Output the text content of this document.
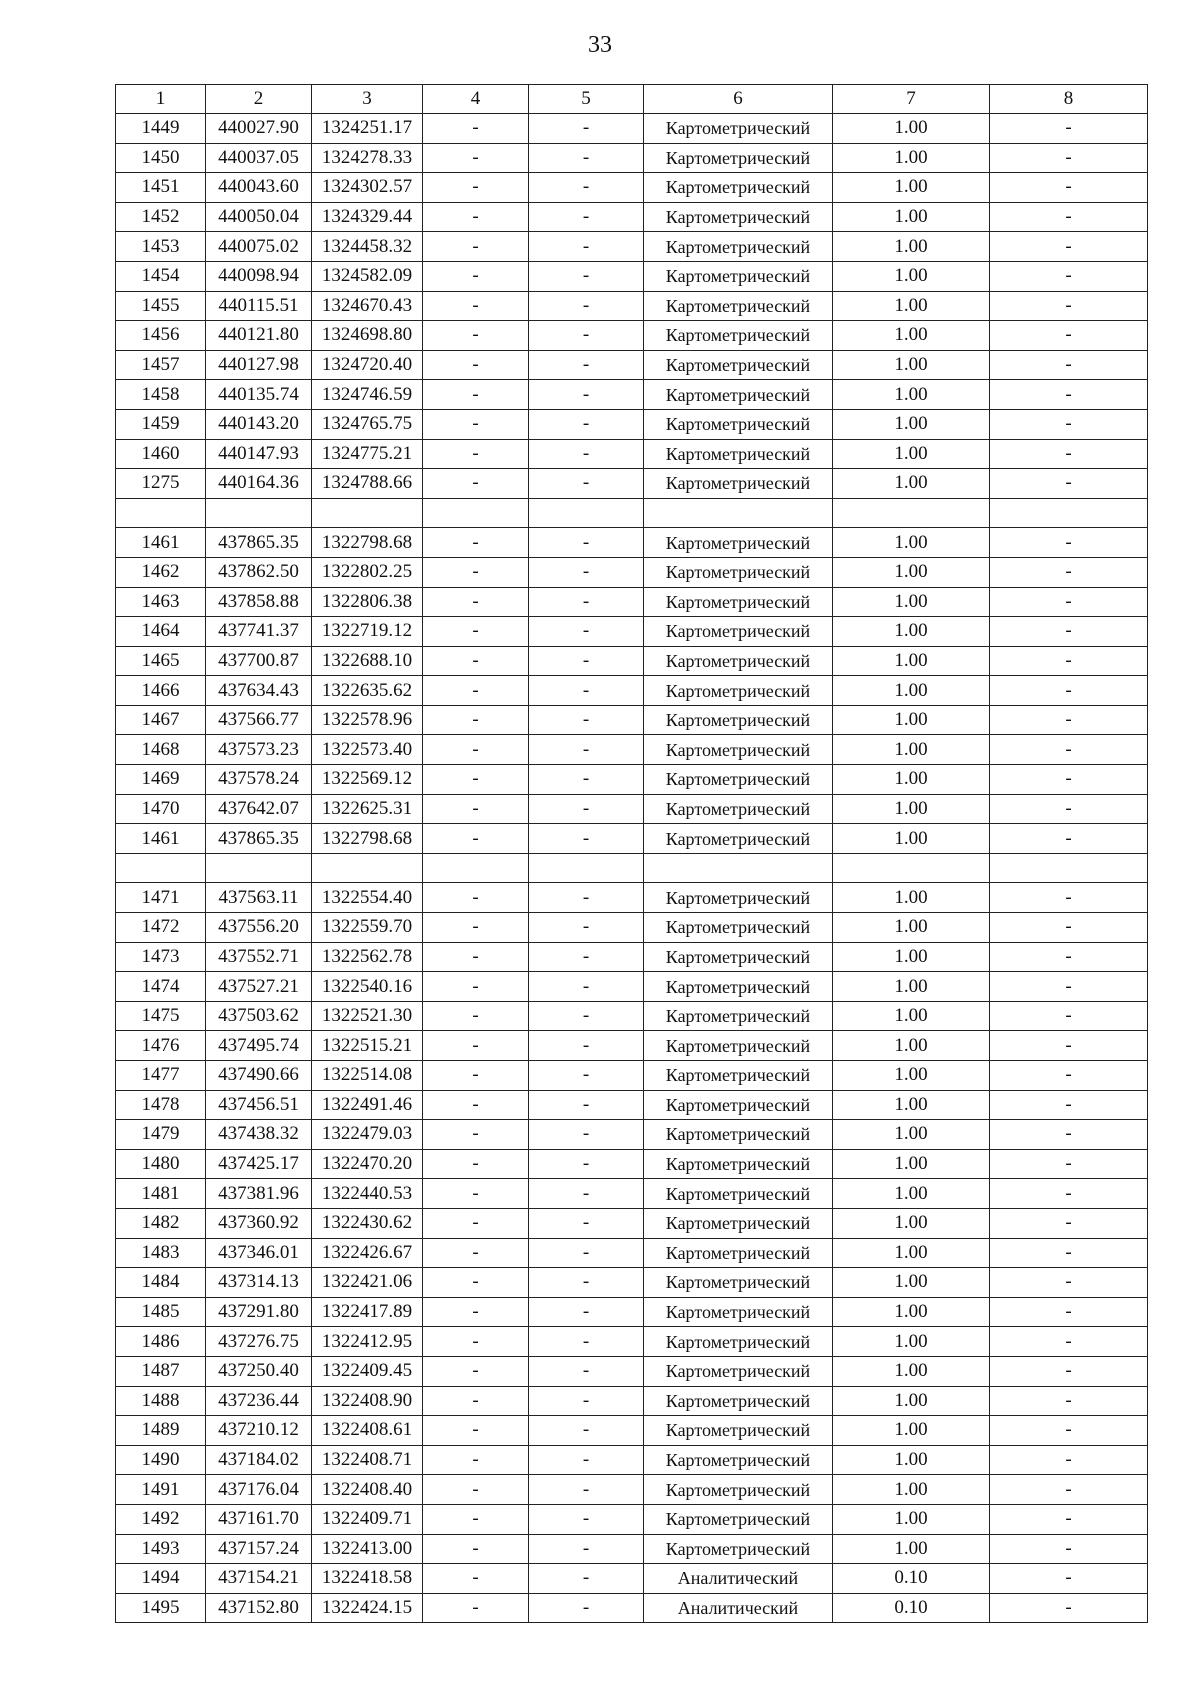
33
1	2	3	4	5	6	7	8
1449	440027.90	1324251.17	-	-	Картометрический	1.00	-
1450	440037.05	1324278.33	-	-	Картометрический	1.00	-
1451	440043.60	1324302.57	-	-	Картометрический	1.00	-
1452	440050.04	1324329.44	-	-	Картометрический	1.00	-
1453	440075.02	1324458.32	-	-	Картометрический	1.00	-
1454	440098.94	1324582.09	-	-	Картометрический	1.00	-
1455	440115.51	1324670.43	-	-	Картометрический	1.00	-
1456	440121.80	1324698.80	-	-	Картометрический	1.00	-
1457	440127.98	1324720.40	-	-	Картометрический	1.00	-
1458	440135.74	1324746.59	-	-	Картометрический	1.00	-
1459	440143.20	1324765.75	-	-	Картометрический	1.00	-
1460	440147.93	1324775.21	-	-	Картометрический	1.00	-
1275	440164.36	1324788.66	-	-	Картометрический	1.00	-

1461	437865.35	1322798.68	-	-	Картометрический	1.00	-
1462	437862.50	1322802.25	-	-	Картометрический	1.00	-
1463	437858.88	1322806.38	-	-	Картометрический	1.00	-
1464	437741.37	1322719.12	-	-	Картометрический	1.00	-
1465	437700.87	1322688.10	-	-	Картометрический	1.00	-
1466	437634.43	1322635.62	-	-	Картометрический	1.00	-
1467	437566.77	1322578.96	-	-	Картометрический	1.00	-
1468	437573.23	1322573.40	-	-	Картометрический	1.00	-
1469	437578.24	1322569.12	-	-	Картометрический	1.00	-
1470	437642.07	1322625.31	-	-	Картометрический	1.00	-
1461	437865.35	1322798.68	-	-	Картометрический	1.00	-

1471	437563.11	1322554.40	-	-	Картометрический	1.00	-
1472	437556.20	1322559.70	-	-	Картометрический	1.00	-
1473	437552.71	1322562.78	-	-	Картометрический	1.00	-
1474	437527.21	1322540.16	-	-	Картометрический	1.00	-
1475	437503.62	1322521.30	-	-	Картометрический	1.00	-
1476	437495.74	1322515.21	-	-	Картометрический	1.00	-
1477	437490.66	1322514.08	-	-	Картометрический	1.00	-
1478	437456.51	1322491.46	-	-	Картометрический	1.00	-
1479	437438.32	1322479.03	-	-	Картометрический	1.00	-
1480	437425.17	1322470.20	-	-	Картометрический	1.00	-
1481	437381.96	1322440.53	-	-	Картометрический	1.00	-
1482	437360.92	1322430.62	-	-	Картометрический	1.00	-
1483	437346.01	1322426.67	-	-	Картометрический	1.00	-
1484	437314.13	1322421.06	-	-	Картометрический	1.00	-
1485	437291.80	1322417.89	-	-	Картометрический	1.00	-
1486	437276.75	1322412.95	-	-	Картометрический	1.00	-
1487	437250.40	1322409.45	-	-	Картометрический	1.00	-
1488	437236.44	1322408.90	-	-	Картометрический	1.00	-
1489	437210.12	1322408.61	-	-	Картометрический	1.00	-
1490	437184.02	1322408.71	-	-	Картометрический	1.00	-
1491	437176.04	1322408.40	-	-	Картометрический	1.00	-
1492	437161.70	1322409.71	-	-	Картометрический	1.00	-
1493	437157.24	1322413.00	-	-	Картометрический	1.00	-
1494	437154.21	1322418.58	-	-	Аналитический	0.10	-
1495	437152.80	1322424.15	-	-	Аналитический	0.10	-
